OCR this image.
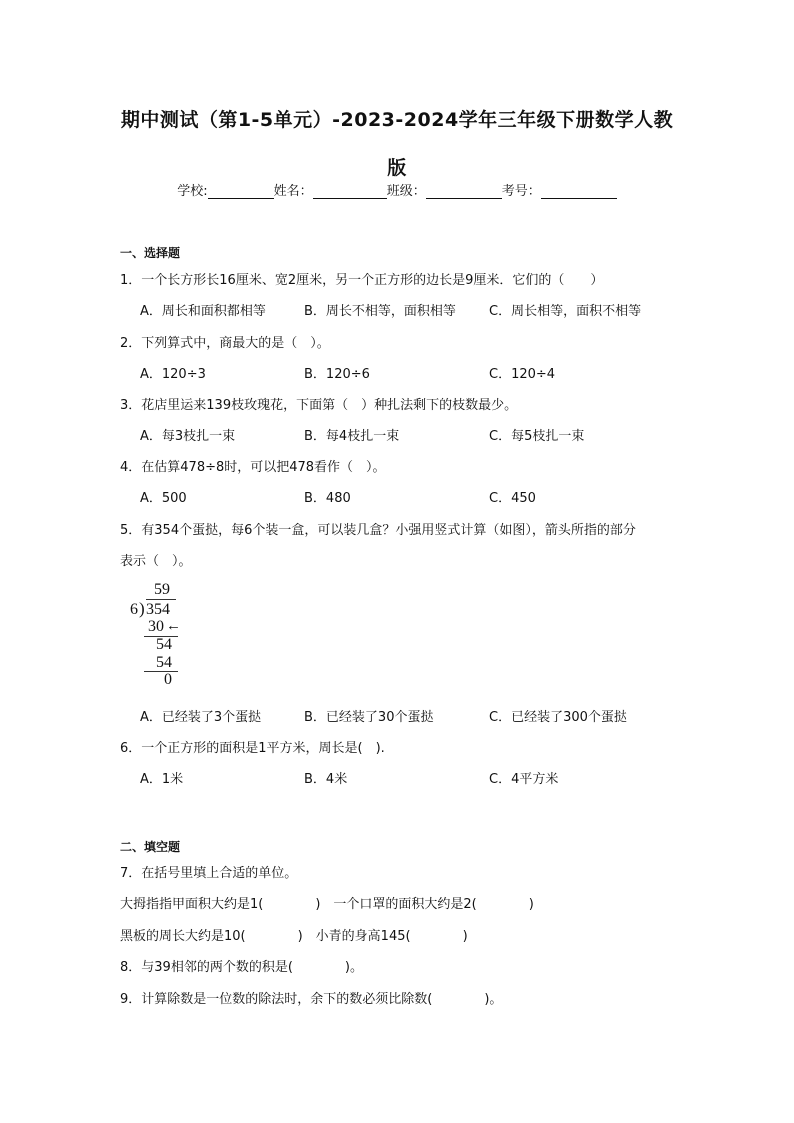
期中测试（第1-5单元）-2023-2024学年三年级下册数学人教
版
学校:	姓名：	班级：	考号：
一、选择题
1．一个长方形长16厘米、宽2厘米，另一个正方形的边长是9厘米．它们的（　　）
A．周长和面积都相等	B．周长不相等，面积相等	C．周长相等，面积不相等
2．下列算式中，商最大的是（　）。
A．120÷3	B．120÷6	C．120÷4
3．花店里运来139枝玫瑰花，下面第（　）种扎法剩下的枝数最少。
A．每3枝扎一束	B．每4枝扎一束	C．每5枝扎一束
4．在估算478÷8时，可以把478看作（　）。
A．500	B．480	C．450
5．有354个蛋挞，每6个装一盒，可以装几盒？小强用竖式计算（如图），箭头所指的部分
表示（　）。
59
6 ) 354
30 ←
54
54
0
A．已经装了3个蛋挞	B．已经装了30个蛋挞	C．已经装了300个蛋挞
6．一个正方形的面积是1平方米，周长是(　).
A．1米	B．4米	C．4平方米
二、填空题
7．在括号里填上合适的单位。
大拇指指甲面积大约是1(　　　　)　一个口罩的面积大约是2(　　　　)
黑板的周长大约是10(　　　　)　小青的身高145(　　　　)
8．与39相邻的两个数的积是(　　　　)。
9．计算除数是一位数的除法时，余下的数必须比除数(　　　　)。
